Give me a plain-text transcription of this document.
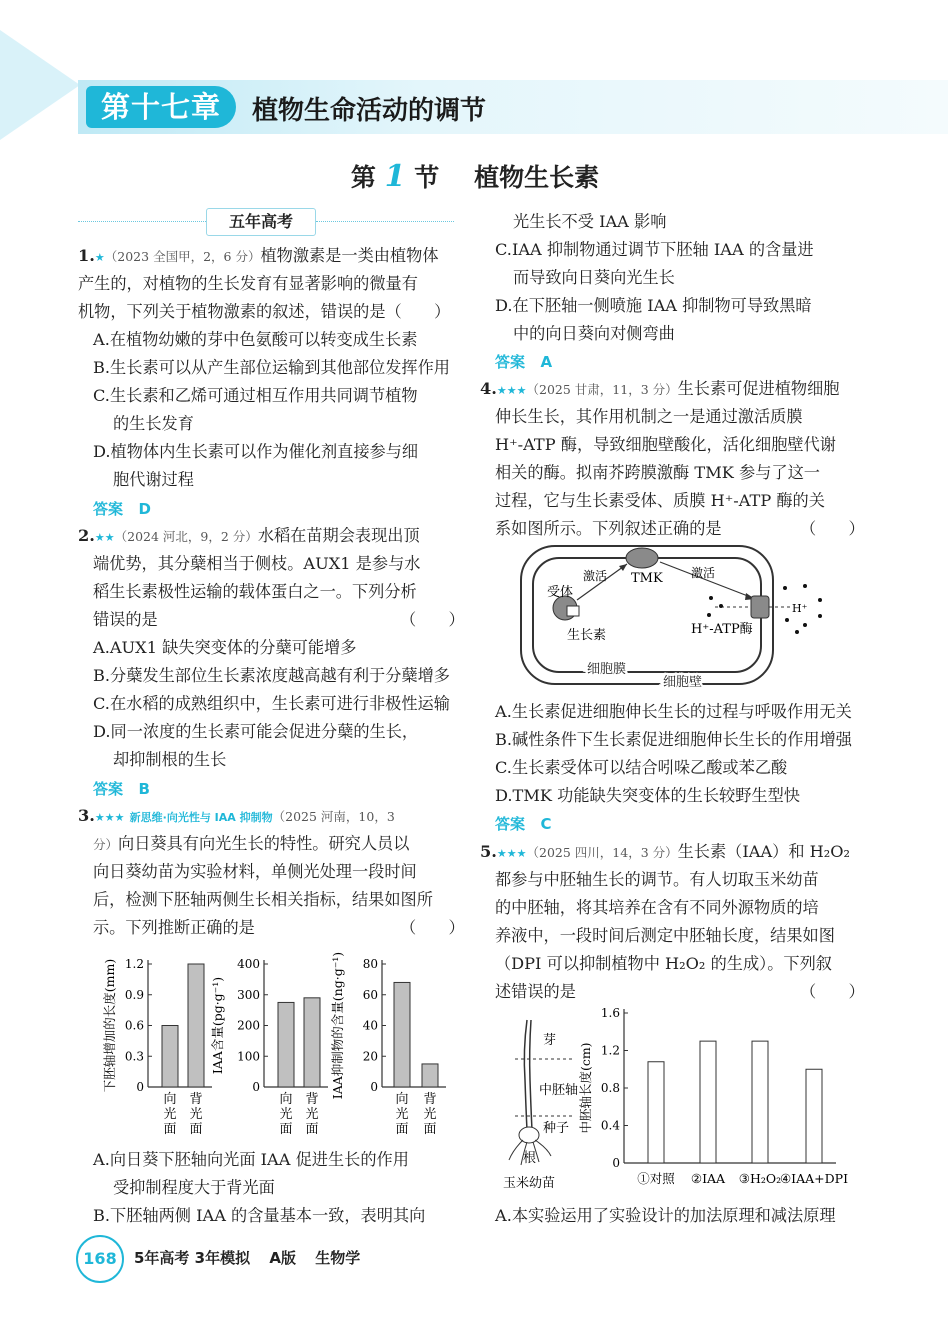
第十七章	植物生命活动的调节
第 1 节 植物生长素
五年高考
1.★（2023 全国甲，2，6 分）植物激素是一类由植物体
产生的，对植物的生长发育有显著影响的微量有
机物，下列关于植物激素的叙述，错误的是（　　）
A.在植物幼嫩的芽中色氨酸可以转变成生长素
B.生长素可以从产生部位运输到其他部位发挥作用
C.生长素和乙烯可通过相互作用共同调节植物
的生长发育
D.植物体内生长素可以作为催化剂直接参与细
胞代谢过程
答案 D
2.★★（2024 河北，9，2 分）水稻在苗期会表现出顶
端优势，其分蘖相当于侧枝。AUX1 是参与水
稻生长素极性运输的载体蛋白之一。下列分析
错误的是	（　　）
A.AUX1 缺失突变体的分蘖可能增多
B.分蘖发生部位生长素浓度越高越有利于分蘖增多
C.在水稻的成熟组织中，生长素可进行非极性运输
D.同一浓度的生长素可能会促进分蘖的生长，
却抑制根的生长
答案 B
3.★★★ 新思维·向光性与 IAA 抑制物（2025 河南，10，3
分）向日葵具有向光生长的特性。研究人员以
向日葵幼苗为实验材料，单侧光处理一段时间
后，检测下胚轴两侧生长相关指标，结果如图所
示。下列推断正确的是	（　　）
0
0.3
0.6
0.9
1.2
向
光
面
背
光
面
下胚轴增加的长度(mm)	0
100
200
300
400
向
光
面
背
光
面
IAA含量(pg·g⁻¹)
0
20
40
60
80
向
光
面
背
光
面
IAA抑制物的含量(ng·g⁻¹)
A.向日葵下胚轴向光面 IAA 促进生长的作用
受抑制程度大于背光面
B.下胚轴两侧 IAA 的含量基本一致，表明其向
光生长不受 IAA 影响
C.IAA 抑制物通过调节下胚轴 IAA 的含量进
而导致向日葵向光生长
D.在下胚轴一侧喷施 IAA 抑制物可导致黑暗
中的向日葵向对侧弯曲
答案 A
4.★★★（2025 甘肃，11，3 分）生长素可促进植物细胞
伸长生长，其作用机制之一是通过激活质膜
H⁺-ATP 酶，导致细胞壁酸化，活化细胞壁代谢
相关的酶。拟南芥跨膜激酶 TMK 参与了这一
过程，它与生长素受体、质膜 H⁺-ATP 酶的关
系如图所示。下列叙述正确的是	（　　）
受体
生长素
激活 TMK 激活
H⁺
H⁺-ATP酶
细胞膜
细胞壁
A.生长素促进细胞伸长生长的过程与呼吸作用无关
B.碱性条件下生长素促进细胞伸长生长的作用增强
C.生长素受体可以结合吲哚乙酸或苯乙酸
D.TMK 功能缺失突变体的生长较野生型快
答案 C
5.★★★（2025 四川，14，3 分）生长素（IAA）和 H₂O₂
都参与中胚轴生长的调节。有人切取玉米幼苗
的中胚轴，将其培养在含有不同外源物质的培
养液中，一段时间后测定中胚轴长度，结果如图
（DPI 可以抑制植物中 H₂O₂ 的生成）。下列叙
述错误的是	（　　）
芽
中胚轴
种子
根
玉米幼苗
0
0.4
0.8
1.2
1.6
①对照 ②IAA ③H₂O₂
④IAA+DPI
中胚轴长度(cm)
A.本实验运用了实验设计的加法原理和减法原理
168	5年高考 3年模拟 A版 生物学
